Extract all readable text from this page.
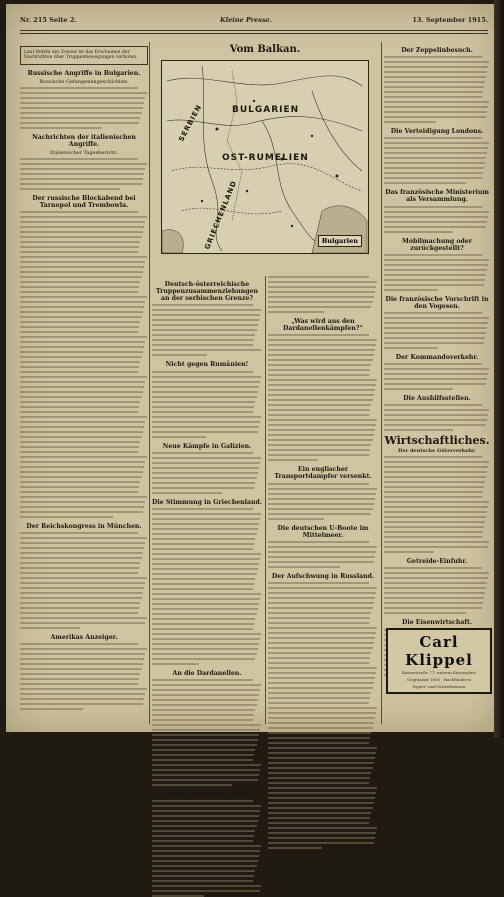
Nr. 215 Seite 2.	Kleine Presse.	13. September 1915.
Laut Befehl der Zensur ist das Erscheinen der Nachrichten über Truppenbewegungen verboten.
Russische Angriffe in Bulgarien.
Russische Gefangenengeschichten.
Nachrichten der italienischen Angriffe.
Italienischer Tagesbericht.
Der russische Blockabend bei Tarnopol und Trembowla.
Der Reichskongress in München.
Amerikas Anzeiger.
Vom Balkan.
SERBIEN	BULGARIEN
OST-RUMELIEN
GRIECHENLAND	Bulgarien
Deutsch-österreichische Truppenzusammenziehungen an der serbischen Grenze?
Nicht gegen Rumänien!
Neue Kämpfe in Galizien.
Die Stimmung in Griechenland.
An die Dardanellen.
Schwerer englischer Verlust.
„Was wird aus den Dardanellenkämpfen?“
Ein englischer Transportdampfer versenkt.
Die deutschen U-Boote im Mittelmeer.
Der Aufschwung in Russland.
Der Zeppelinbesuch.
Die Verteidigung Londons.
Das französische Ministerium als Versammlung.
Mobilmachung oder zurückgestellt?
Die französische Vorschrift in den Vogesen.
Der Kommandoverkehr.
Die Aushilfsstellen.
Wirtschaftliches.
Der deutsche Güterverkehr.
Getreide-Einfuhr.
Die Eisenwirtschaft.
Carl Klippel
Kaiserstraße 77, unterm Kaiserplatz
Gegründet 1850 · Buchbinderei
Papier- und Schreibwaren
